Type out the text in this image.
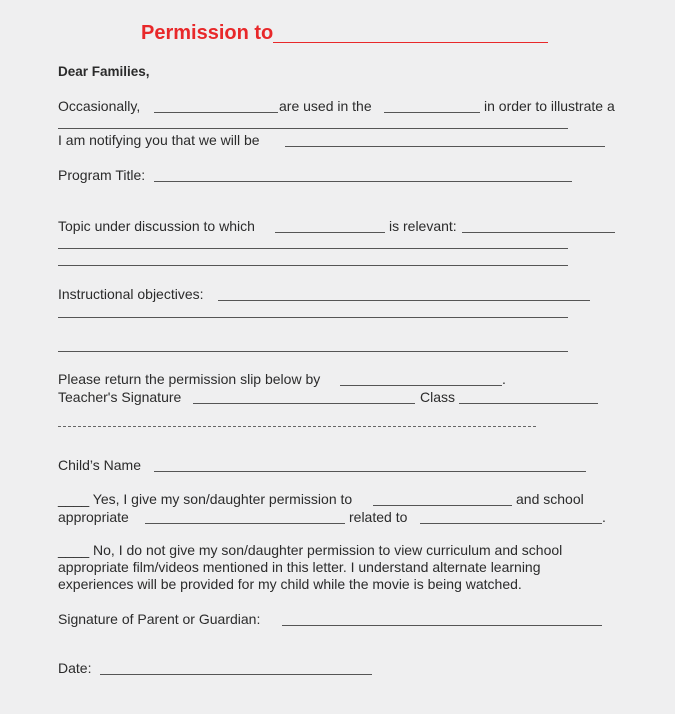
Permission to
Dear Families,
Occasionally,	are used in the	in order to illustrate a
I am notifying you that we will be
Program Title:
Topic under discussion to which	is relevant:
Instructional objectives:
Please return the permission slip below by	.
Teacher's Signature	Class
Child’s Name
____ Yes, I give my son/daughter permission to	and school
appropriate	related to	.
____ No, I do not give my son/daughter permission to view curriculum and school
appropriate film/videos mentioned in this letter. I understand alternate learning
experiences will be provided for my child while the movie is being watched.
Signature of Parent or Guardian:
Date:
